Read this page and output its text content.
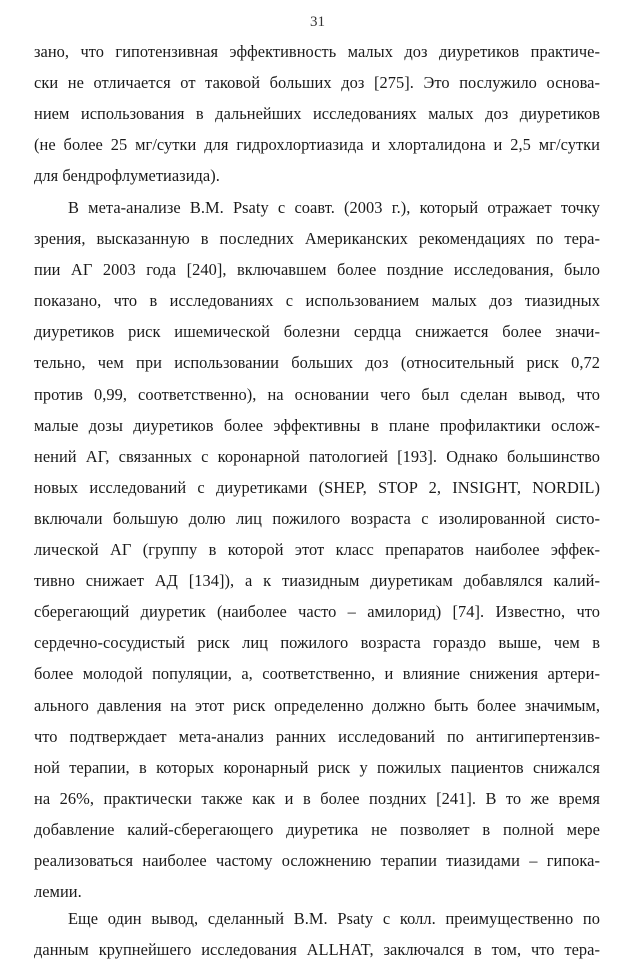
31
зано, что гипотензивная эффективность малых доз диуретиков практиче-
ски не отличается от таковой больших доз [275]. Это послужило основа-
нием использования в дальнейших исследованиях малых доз диуретиков
(не более 25 мг/сутки для гидрохлортиазида и хлорталидона и 2,5 мг/сутки
для бендрофлуметиазида).
В мета-анализе B.M. Psaty с соавт. (2003 г.), который отражает точку
зрения, высказанную в последних Американских рекомендациях по тера-
пии АГ 2003 года [240], включавшем более поздние исследования, было
показано, что в исследованиях с использованием малых доз тиазидных
диуретиков риск ишемической болезни сердца снижается более значи-
тельно, чем при использовании больших доз (относительный риск 0,72
против 0,99, соответственно), на основании чего был сделан вывод, что
малые дозы диуретиков более эффективны в плане профилактики ослож-
нений АГ, связанных с коронарной патологией [193]. Однако большинство
новых исследований с диуретиками (SHEP, STOP 2, INSIGHT, NORDIL)
включали большую долю лиц пожилого возраста с изолированной систо-
лической АГ (группу в которой этот класс препаратов наиболее эффек-
тивно снижает АД [134]), а к тиазидным диуретикам добавлялся калий-
сберегающий диуретик (наиболее часто – амилорид) [74]. Известно, что
сердечно-сосудистый риск лиц пожилого возраста гораздо выше, чем в
более молодой популяции, а, соответственно, и влияние снижения артери-
ального давления на этот риск определенно должно быть более значимым,
что подтверждает мета-анализ ранних исследований по антигипертензив-
ной терапии, в которых коронарный риск у пожилых пациентов снижался
на 26%, практически также как и в более поздних [241]. В то же время
добавление калий-сберегающего диуретика не позволяет в полной мере
реализоваться наиболее частому осложнению терапии тиазидами – гипока-
лемии.
Еще один вывод, сделанный B.M. Psaty с колл. преимущественно по
данным крупнейшего исследования ALLHAT, заключался в том, что тера-
